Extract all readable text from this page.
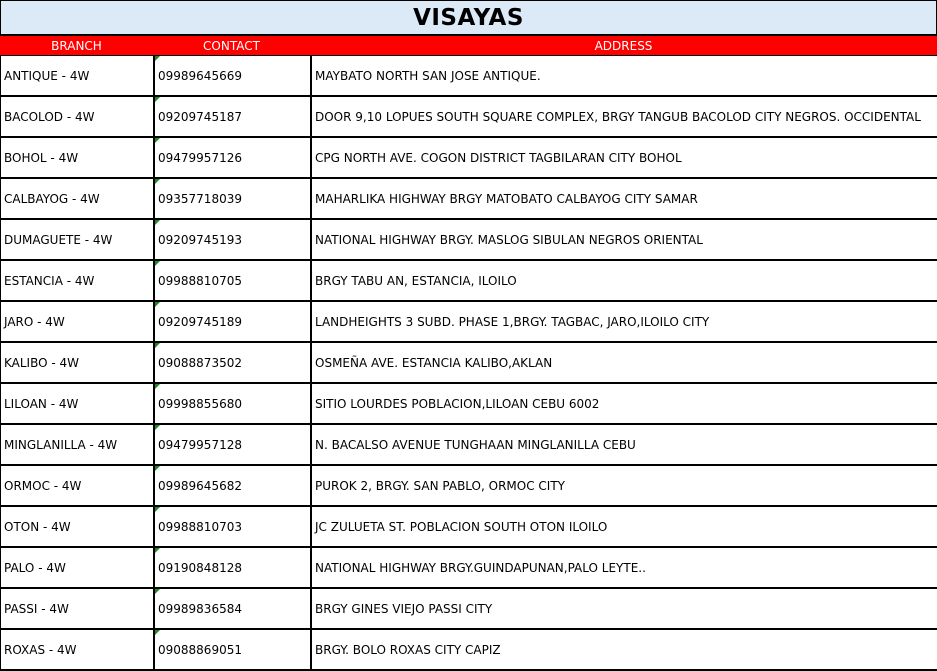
VISAYAS
BRANCH	CONTACT	ADDRESS
ANTIQUE - 4W	09989645669	MAYBATO NORTH SAN JOSE ANTIQUE.
BACOLOD - 4W	09209745187	DOOR 9,10 LOPUES SOUTH SQUARE COMPLEX, BRGY TANGUB BACOLOD CITY NEGROS. OCCIDENTAL
BOHOL - 4W	09479957126	CPG NORTH AVE. COGON DISTRICT TAGBILARAN CITY BOHOL
CALBAYOG - 4W	09357718039	MAHARLIKA HIGHWAY BRGY MATOBATO CALBAYOG CITY SAMAR
DUMAGUETE - 4W	09209745193	NATIONAL HIGHWAY BRGY. MASLOG SIBULAN NEGROS ORIENTAL
ESTANCIA - 4W	09988810705	BRGY TABU AN, ESTANCIA, ILOILO
JARO - 4W	09209745189	LANDHEIGHTS 3 SUBD. PHASE 1,BRGY. TAGBAC, JARO,ILOILO CITY
KALIBO - 4W	09088873502	OSMEÑA AVE. ESTANCIA KALIBO,AKLAN
LILOAN - 4W	09998855680	SITIO LOURDES POBLACION,LILOAN CEBU 6002
MINGLANILLA - 4W	09479957128	N. BACALSO AVENUE TUNGHAAN MINGLANILLA CEBU
ORMOC - 4W	09989645682	PUROK 2, BRGY. SAN PABLO, ORMOC CITY
OTON - 4W	09988810703	JC ZULUETA ST. POBLACION SOUTH OTON ILOILO
PALO - 4W	09190848128	NATIONAL HIGHWAY BRGY.GUINDAPUNAN,PALO LEYTE..
PASSI - 4W	09989836584	BRGY GINES VIEJO PASSI CITY
ROXAS - 4W	09088869051	BRGY. BOLO ROXAS CITY CAPIZ
